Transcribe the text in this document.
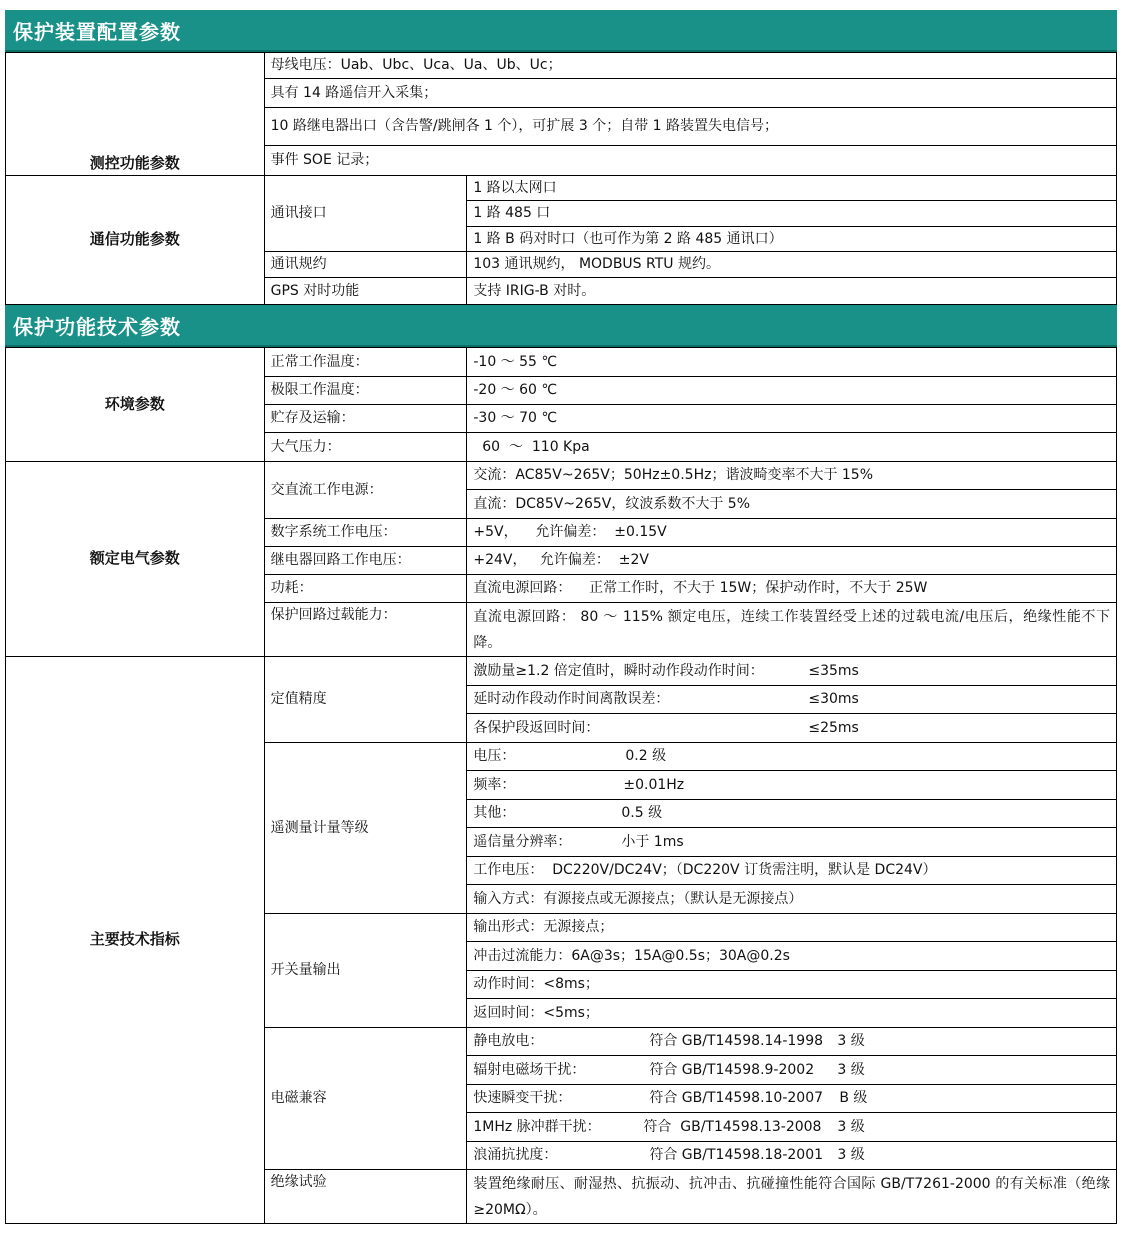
保护装置配置参数
测控功能参数	母线电压：Uab、Ubc、Uca、Ua、Ub、Uc；	
	具有 14 路遥信开入采集；	
	10 路继电器出口（含告警/跳闸各 1 个），可扩展 3 个；自带 1 路装置失电信号；	
	事件 SOE 记录；	
通信功能参数	通讯接口	1 路以太网口
		1 路 485 口
		1 路 B 码对时口（也可作为第 2 路 485 通讯口）
	通讯规约	103 通讯规约， MODBUS RTU 规约。
	GPS 对时功能	支持 IRIG-B 对时。
保护功能技术参数
环境参数	正常工作温度：	-10 ～ 55 ℃
	极限工作温度：	-20 ～ 60 ℃
	贮存及运输：	-30 ～ 70 ℃
	大气压力：	60  ～  110 Kpa
额定电气参数	交直流工作电源：	交流：AC85V~265V；50Hz±0.5Hz；谐波畸变率不大于 15%
		直流：DC85V~265V，纹波系数不大于 5%
	数字系统工作电压：	+5V，    允许偏差：  ±0.15V
	继电器回路工作电压：	+24V，   允许偏差：  ±2V
	功耗：	直流电源回路：    正常工作时，不大于 15W；保护动作时，不大于 25W
	保护回路过载能力：	直流电源回路： 80 ～ 115% 额定电压，连续工作装置经受上述的过载电流/电压后，绝缘性能不下降。
主要技术指标	定值精度	激励量≥1.2 倍定值时，瞬时动作段动作时间： ≤35ms
		延时动作段动作时间离散误差： ≤30ms
		各保护段返回时间： ≤25ms
	遥测量计量等级	电压： 0.2 级
		频率： ±0.01Hz
		其他： 0.5 级
		遥信量分辨率： 小于 1ms
		工作电压：  DC220V/DC24V；（DC220V 订货需注明，默认是 DC24V）
		输入方式：有源接点或无源接点；（默认是无源接点）
	开关量输出	输出形式：无源接点；
		冲击过流能力：6A@3s；15A@0.5s；30A@0.2s
		动作时间：<8ms；
		返回时间：<5ms；
	电磁兼容	静电放电： 符合 GB/T14598.14-1998 3 级
		辐射电磁场干扰： 符合 GB/T14598.9-2002 3 级
		快速瞬变干扰： 符合 GB/T14598.10-2007 B 级
		1MHz 脉冲群干扰： 符合  GB/T14598.13-2008 3 级
		浪涌抗扰度： 符合 GB/T14598.18-2001 3 级
	绝缘试验	装置绝缘耐压、耐湿热、抗振动、抗冲击、抗碰撞性能符合国际 GB/T7261-2000 的有关标准（绝缘≥20MΩ）。
